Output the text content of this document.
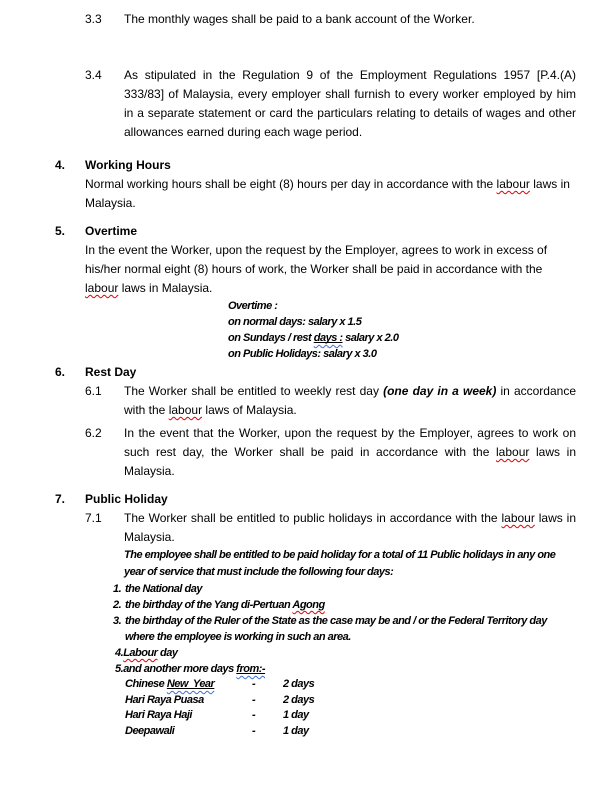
3.3	The monthly wages shall be paid to a bank account of the Worker.
3.4	As stipulated in the Regulation 9 of the Employment Regulations 1957 [P.4.(A) 333/83] of Malaysia, every employer shall furnish to every worker employed by him in a separate statement or card the particulars relating to details of wages and other allowances earned during each wage period.
4.	Working Hours
Normal working hours shall be eight (8) hours per day in accordance with the labour laws in Malaysia.
5.	Overtime
In the event the Worker, upon the request by the Employer, agrees to work in excess of his/her normal eight (8) hours of work, the Worker shall be paid in accordance with the labour laws in Malaysia.
Overtime :
on normal days: salary x 1.5
on Sundays / rest days : salary x 2.0
on Public Holidays: salary x 3.0
6.	Rest Day
6.1	The Worker shall be entitled to weekly rest day (one day in a week) in accordance with the labour laws of Malaysia.
6.2	In the event that the Worker, upon the request by the Employer, agrees to work on such rest day, the Worker shall be paid in accordance with the labour laws in Malaysia.
7.	Public Holiday
7.1	The Worker shall be entitled to public holidays in accordance with the labour laws in Malaysia.
The employee shall be entitled to be paid holiday for a total of 11 Public holidays in any one year of service that must include the following four days:
1. the National day
2. the birthday of the Yang di-Pertuan Agong
3. the birthday of the Ruler of the State as the case may be and / or the Federal Territory day where the employee is working in such an area.
4. Labour day
5. and another more days from:-
Chinese New  Year	-	2 days
Hari Raya Puasa	-	2 days
Hari Raya Haji	-	1 day
Deepawali	-	1 day
